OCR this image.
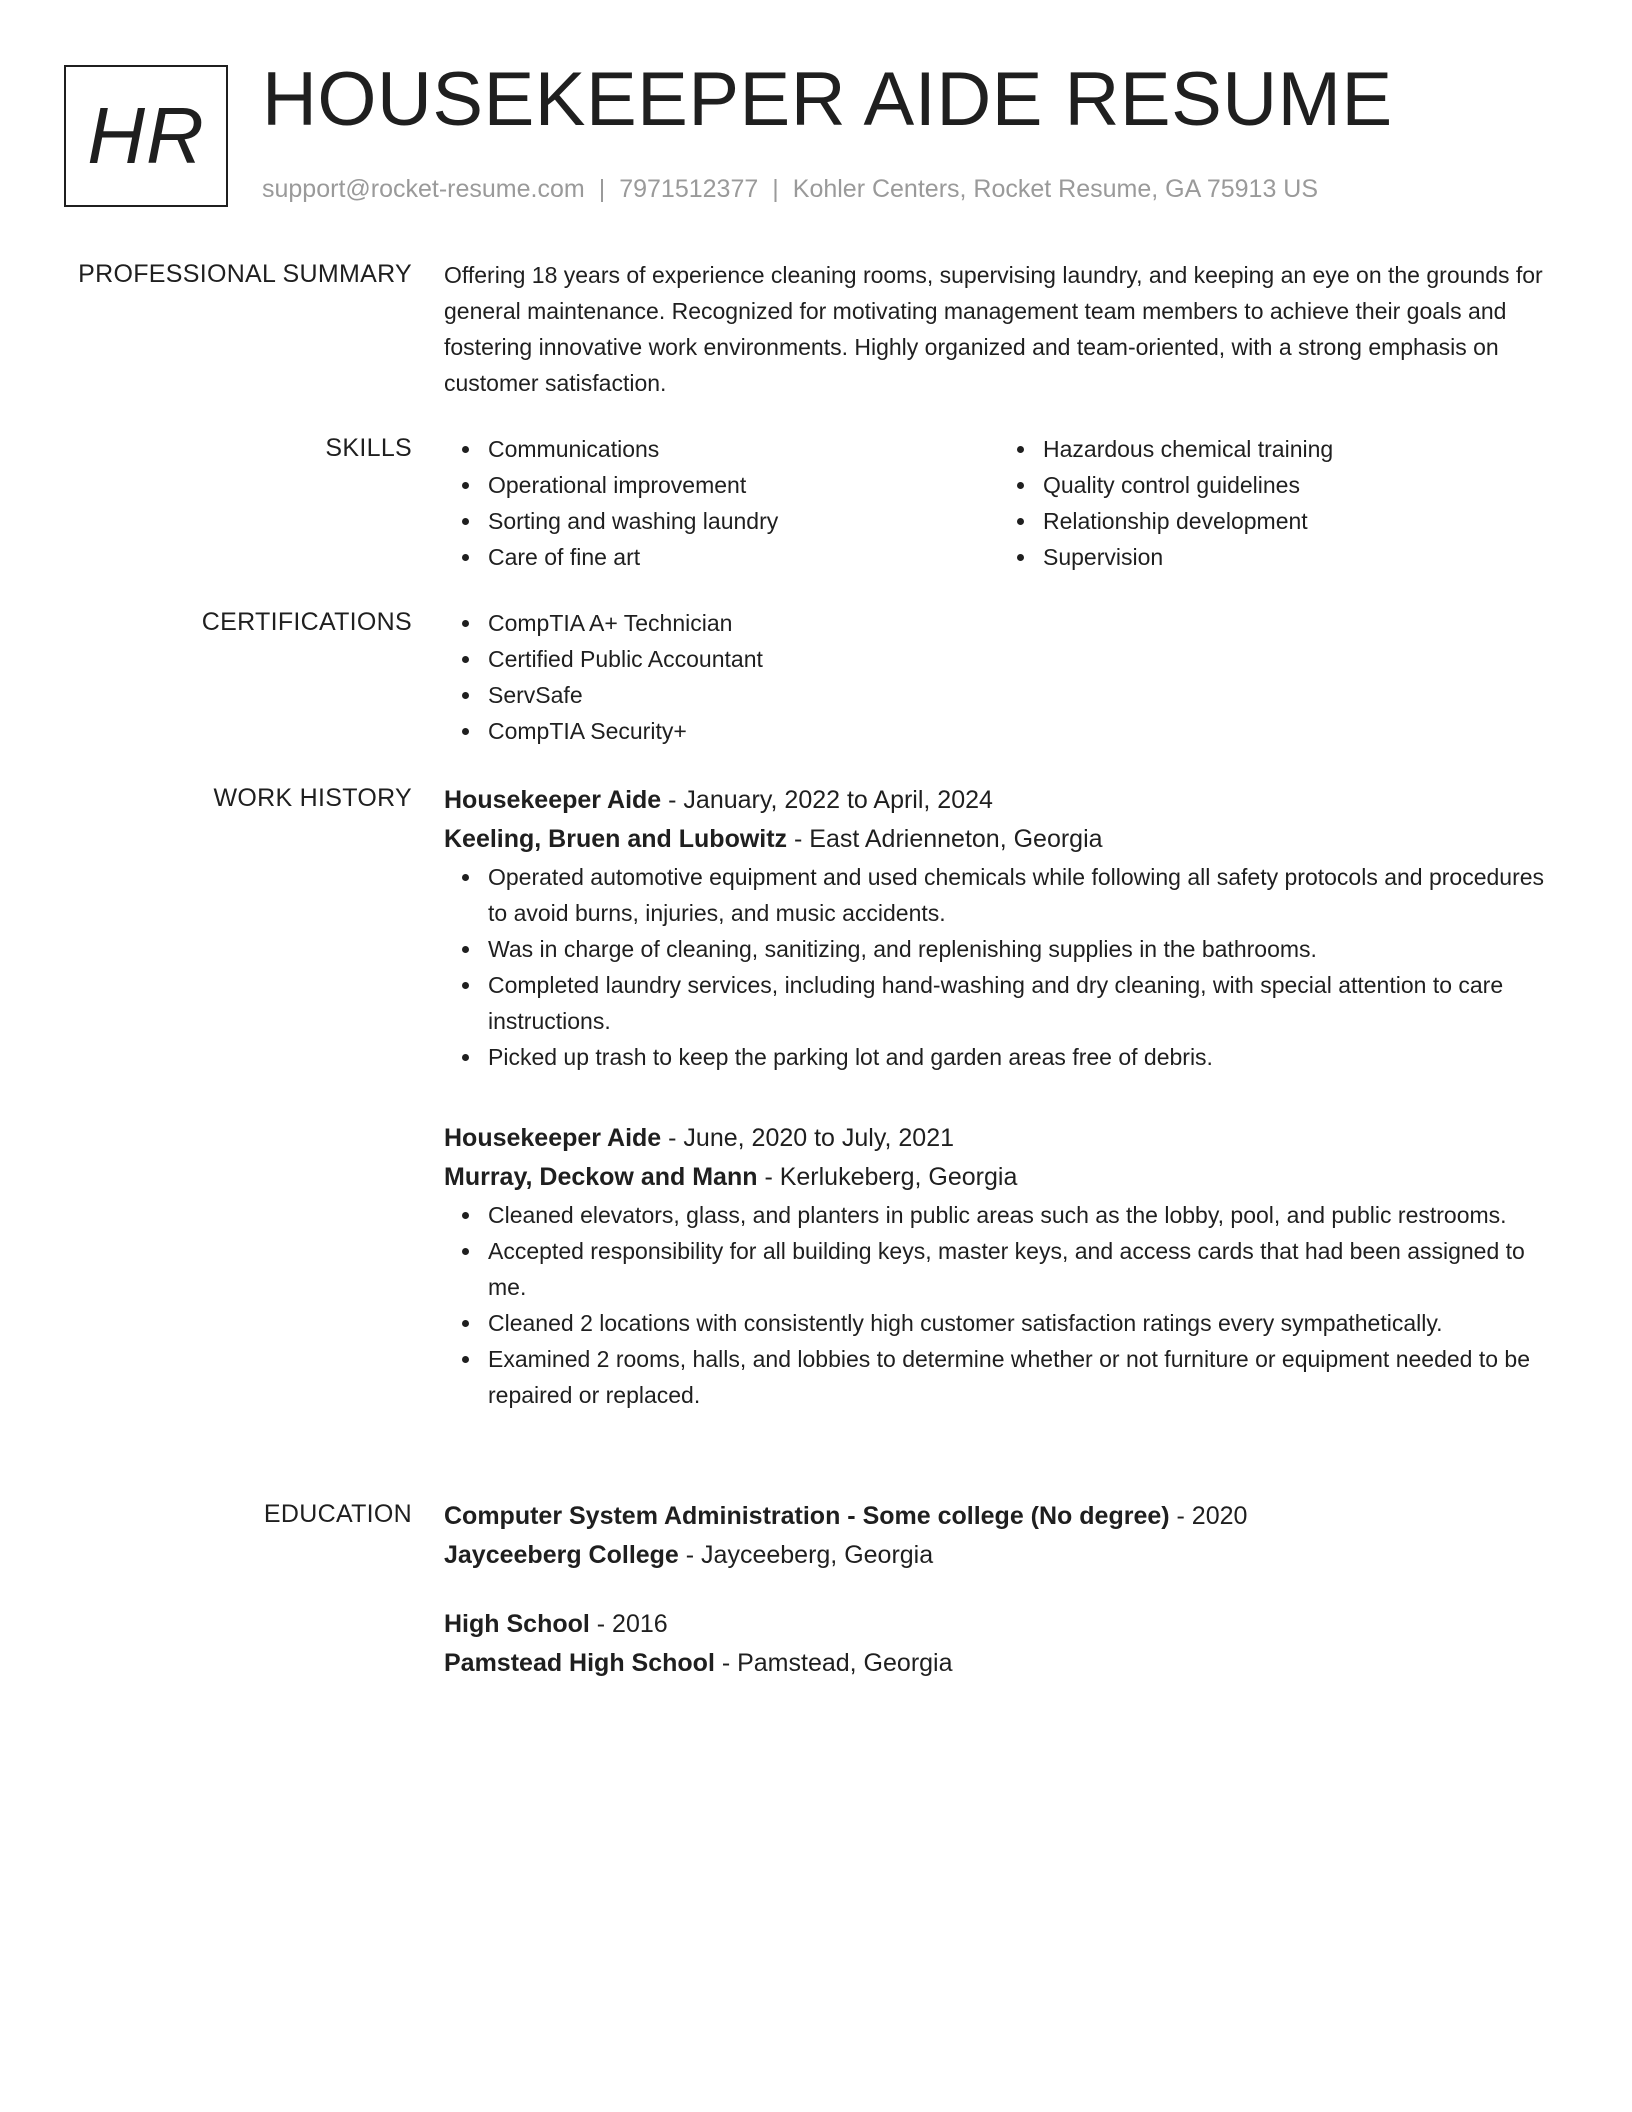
HR HOUSEKEEPER AIDE RESUME
support@rocket-resume.com | 7971512377 | Kohler Centers, Rocket Resume, GA 75913 US
PROFESSIONAL SUMMARY Offering 18 years of experience cleaning rooms, supervising laundry, and keeping an eye on the grounds for general maintenance. Recognized for motivating management team members to achieve their goals and fostering innovative work environments. Highly organized and team-oriented, with a strong emphasis on customer satisfaction.

SKILLS	Communications
Operational improvement
Sorting and washing laundry
Care of fine art
Hazardous chemical training
Quality control guidelines
Relationship development
Supervision
CERTIFICATIONS	CompTIA A+ Technician
Certified Public Accountant
ServSafe
CompTIA Security+
WORK HISTORY Housekeeper Aide - January, 2022 to April, 2024
Keeling, Bruen and Lubowitz - East Adrienneton, Georgia
Operated automotive equipment and used chemicals while following all safety protocols and procedures to avoid burns, injuries, and music accidents.
Was in charge of cleaning, sanitizing, and replenishing supplies in the bathrooms.
Completed laundry services, including hand-washing and dry cleaning, with special attention to care instructions.
Picked up trash to keep the parking lot and garden areas free of debris.
Housekeeper Aide - June, 2020 to July, 2021
Murray, Deckow and Mann - Kerlukeberg, Georgia
Cleaned elevators, glass, and planters in public areas such as the lobby, pool, and public restrooms.
Accepted responsibility for all building keys, master keys, and access cards that had been assigned to me.
Cleaned 2 locations with consistently high customer satisfaction ratings every sympathetically.
Examined 2 rooms, halls, and lobbies to determine whether or not furniture or equipment needed to be repaired or replaced.
EDUCATION Computer System Administration - Some college (No degree) - 2020
Jayceeberg College - Jayceeberg, Georgia
High School - 2016
Pamstead High School - Pamstead, Georgia
